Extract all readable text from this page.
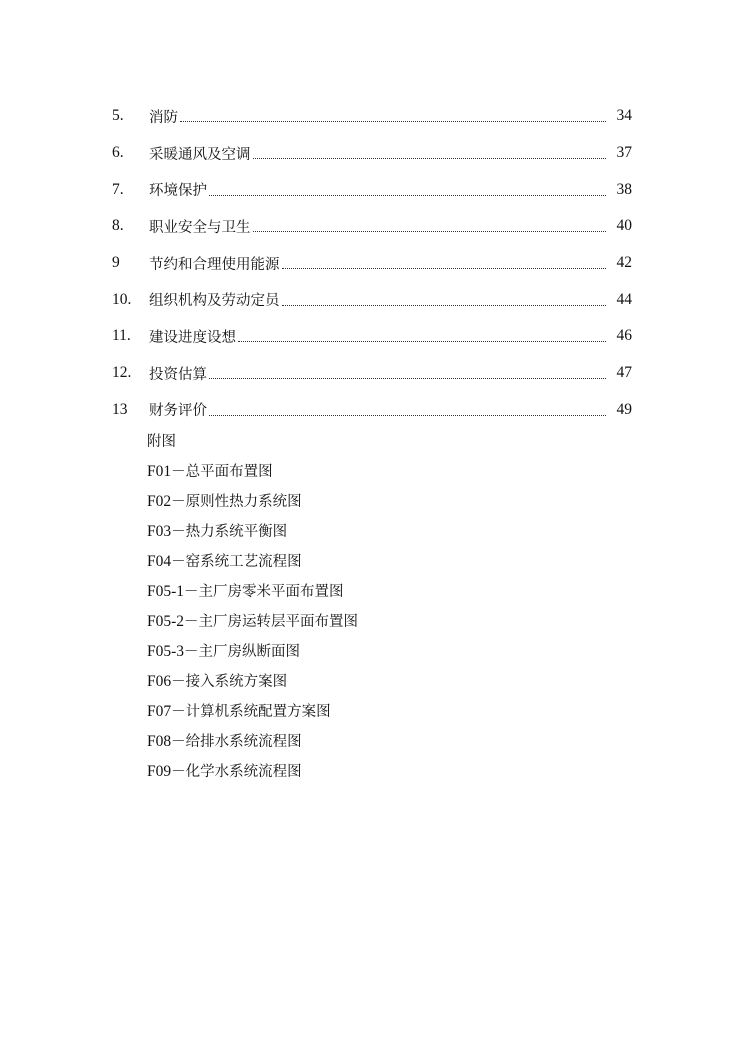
5.	消防	34
6.	采暖通风及空调	37
7.	环境保护	38
8.	职业安全与卫生	40
9	节约和合理使用能源	42
10.	组织机构及劳动定员	44
11.	建设进度设想	46
12.	投资估算	47
13	财务评价	49
附图
F01－总平面布置图
F02－原则性热力系统图
F03－热力系统平衡图
F04－窑系统工艺流程图
F05-1－主厂房零米平面布置图
F05-2－主厂房运转层平面布置图
F05-3－主厂房纵断面图
F06－接入系统方案图
F07－计算机系统配置方案图
F08－给排水系统流程图
F09－化学水系统流程图
